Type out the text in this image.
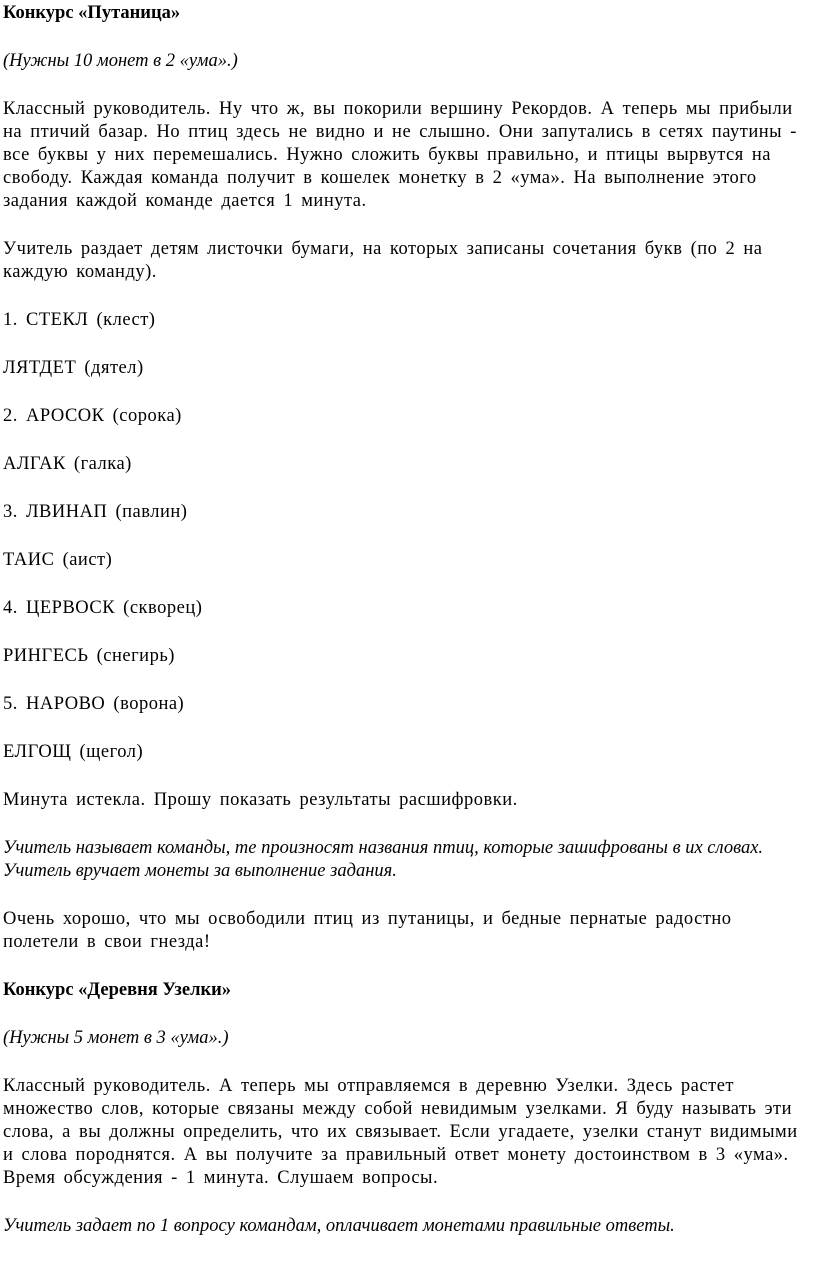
Конкурс «Путаница»

(Нужны 10 монет в 2 «ума».)

Классный руководитель. Ну что ж, вы покорили вершину Рекордов. А теперь мы прибыли на птичий базар. Но птиц здесь не видно и не слышно. Они запутались в сетях паутины - все буквы у них перемешались. Нужно сложить буквы правильно, и птицы вырвутся на свободу. Каждая команда получит в кошелек монетку в 2 «ума». На выполнение этого задания каждой команде дается 1 минута.

Учитель раздает детям листочки бумаги, на которых записаны сочетания букв (по 2 на каждую команду).

1. СТЕКЛ (клест)

ЛЯТДЕТ (дятел)

2. АРОСОК (сорока)

АЛГАК (галка)

3. ЛВИНАП (павлин)

ТАИС (аист)

4. ЦЕРВОСК (скворец)

РИНГЕСЬ (снегирь)

5. НАРОВО (ворона)

ЕЛГОЩ (щегол)

Минута истекла. Прошу показать результаты расшифровки.

Учитель называет команды, те произносят названия птиц, которые зашифрованы в их словах. Учитель вручает монеты за выполнение задания.

Очень хорошо, что мы освободили птиц из путаницы, и бедные пернатые радостно полетели в свои гнезда!

Конкурс «Деревня Узелки»

(Нужны 5 монет в 3 «ума».)

Классный руководитель. А теперь мы отправляемся в деревню Узелки. Здесь растет множество слов, которые связаны между собой невидимым узелками. Я буду называть эти слова, а вы должны определить, что их связывает. Если угадаете, узелки станут видимыми и слова породнятся. А вы получите за правильный ответ монету достоинством в 3 «ума». Время обсуждения - 1 минута. Слушаем вопросы.

Учитель задает по 1 вопросу командам, оплачивает монетами правильные ответы.
